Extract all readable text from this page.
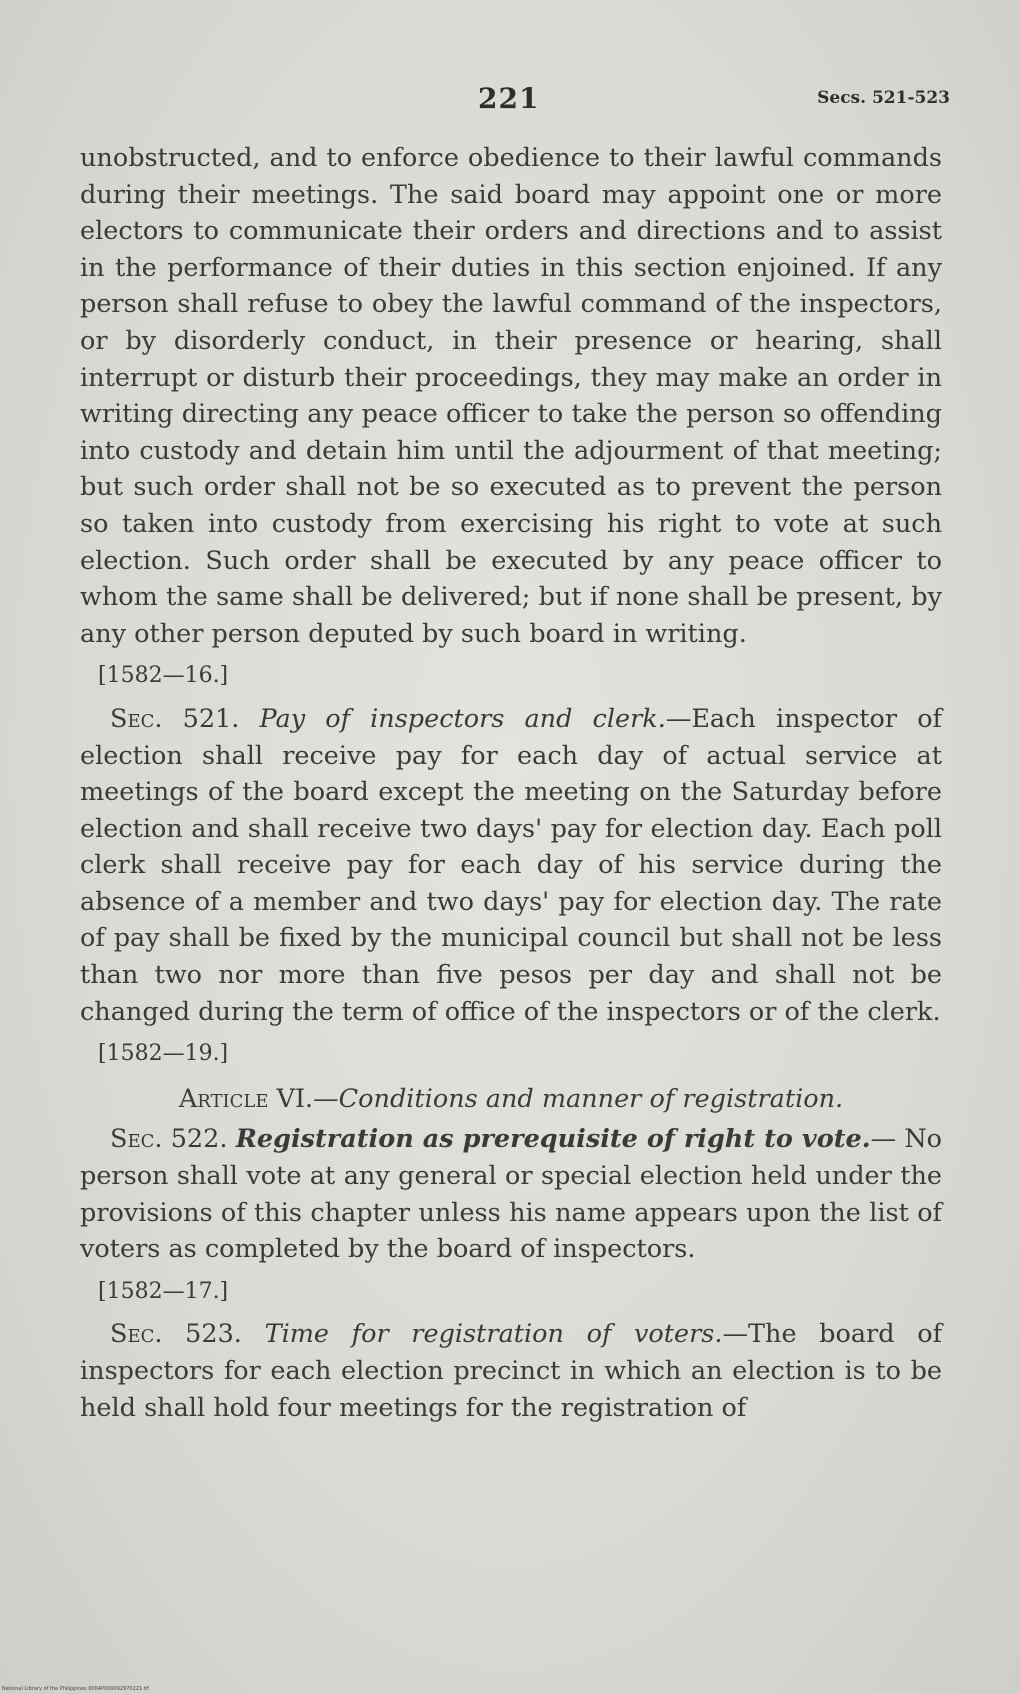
221	Secs. 521-523

unobstructed, and to enforce obedience to their lawful commands during their meetings. The said board may appoint one or more electors to communicate their orders and directions and to assist in the performance of their duties in this section enjoined. If any person shall refuse to obey the lawful command of the inspectors, or by disorderly conduct, in their presence or hearing, shall interrupt or disturb their proceedings, they may make an order in writing directing any peace officer to take the person so offending into custody and detain him until the adjourment of that meeting; but such order shall not be so executed as to prevent the person so taken into custody from exercising his right to vote at such election. Such order shall be executed by any peace officer to whom the same shall be delivered; but if none shall be present, by any other person deputed by such board in writing.

[1582—16.]

Sec. 521. Pay of inspectors and clerk.—Each inspector of election shall receive pay for each day of actual service at meetings of the board except the meeting on the Saturday before election and shall receive two days' pay for election day. Each poll clerk shall receive pay for each day of his service during the absence of a member and two days' pay for election day. The rate of pay shall be fixed by the municipal council but shall not be less than two nor more than five pesos per day and shall not be changed during the term of office of the inspectors or of the clerk.

[1582—19.]

Article VI.—Conditions and manner of registration.

Sec. 522. Registration as prerequisite of right to vote.— No person shall vote at any general or special election held under the provisions of this chapter unless his name appears upon the list of voters as completed by the board of inspectors.

[1582—17.]

Sec. 523. Time for registration of voters.—The board of inspectors for each election precinct in which an election is to be held shall hold four meetings for the registration of

National Library of the Philippines 0064P000092970221.tif
